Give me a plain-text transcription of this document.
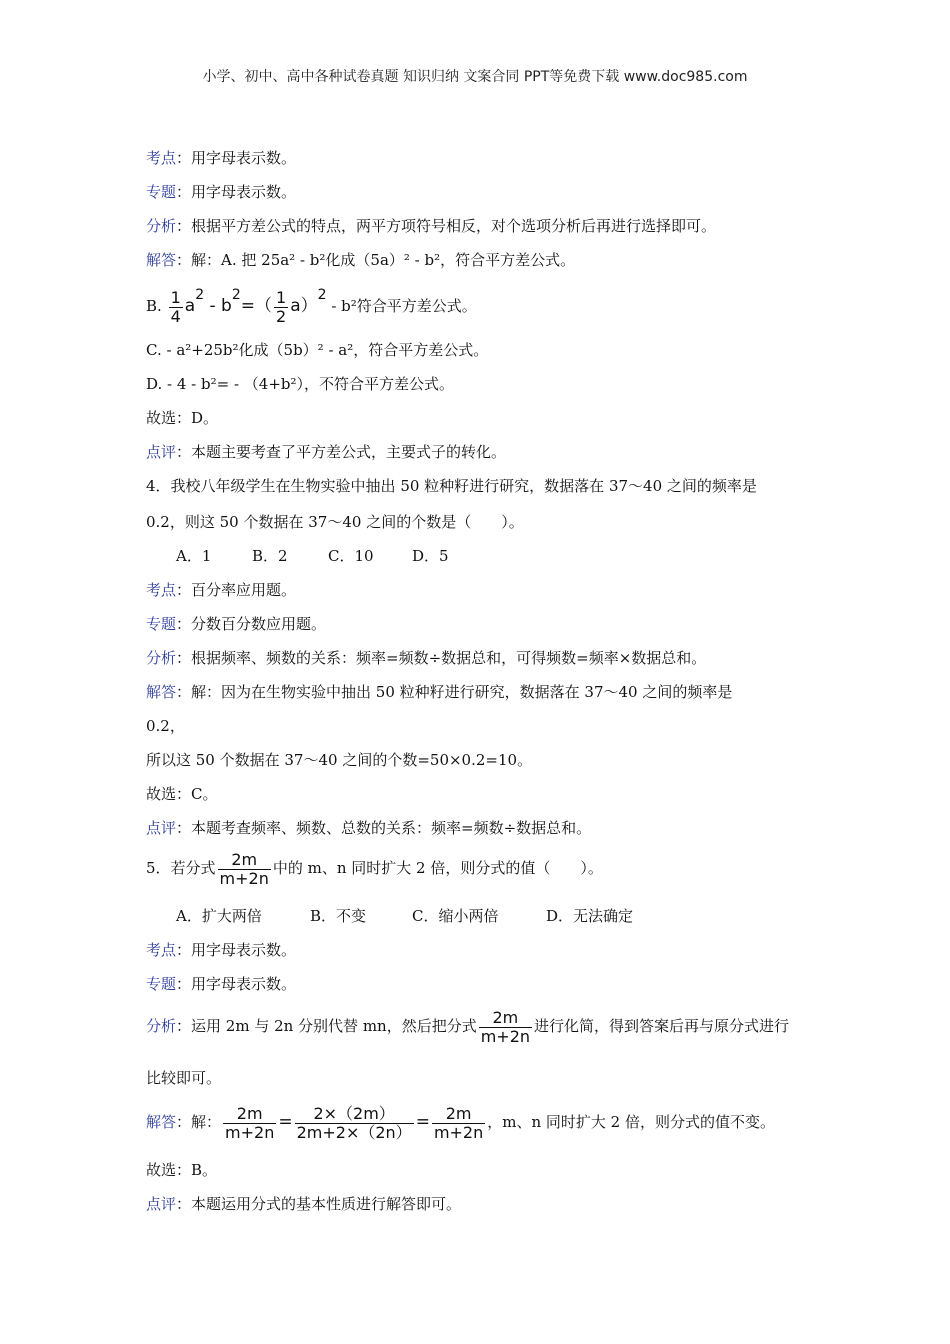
小学、初中、高中各种试卷真题 知识归纳 文案合同 PPT等免费下载 www.doc985.com
考点：用字母表示数。
专题：用字母表示数。
分析：根据平方差公式的特点，两平方项符号相反，对个选项分析后再进行选择即可。
解答：解：A. 把 25a² - b²化成（5a）² - b²，符合平方差公式。
B. $\frac{1}{4} a2 - b2=( \frac{1}{2} a)2 - b^2$符合平方差公式。
C. - a²+25b²化成（5b）² - a²，符合平方差公式。
D. - 4 - b²= - （4+b²），不符合平方差公式。
故选：D。
点评：本题主要考查了平方差公式，主要式子的转化。
4．我校八年级学生在生物实验中抽出 50 粒种籽进行研究，数据落在 37～40 之间的频率是
0.2，则这 50 个数据在 37～40 之间的个数是（　　）。
A．1	B．2	C．10	D．5
考点：百分率应用题。
专题：分数百分数应用题。
分析：根据频率、频数的关系：频率=频数÷数据总和，可得频数=频率×数据总和。
解答：解：因为在生物实验中抽出 50 粒种籽进行研究，数据落在 37～40 之间的频率是
0.2，
所以这 50 个数据在 37～40 之间的个数=50×0.2=10。
故选：C。
点评：本题考查频率、频数、总数的关系：频率=频数÷数据总和。
5．若分式 $\frac{2m}{m+2n}$ 中的 m、n 同时扩大 2 倍，则分式的值（　　）。
A．扩大两倍	B．不变	C．缩小两倍	D．无法确定
考点：用字母表示数。
专题：用字母表示数。
分析：运用 2m 与 2n 分别代替 mn，然后把分式 $\frac{2m}{m+2n}$ 进行化简，得到答案后再与原分式进行
比较即可。
解答：解： $\frac{2m}{m+2n} = \frac{2\times(2m)}{2m+2\times(2n)} = \frac{2m}{m+2n}$ ，m、n 同时扩大 2 倍，则分式的值不变。
故选：B。
点评：本题运用分式的基本性质进行解答即可。
